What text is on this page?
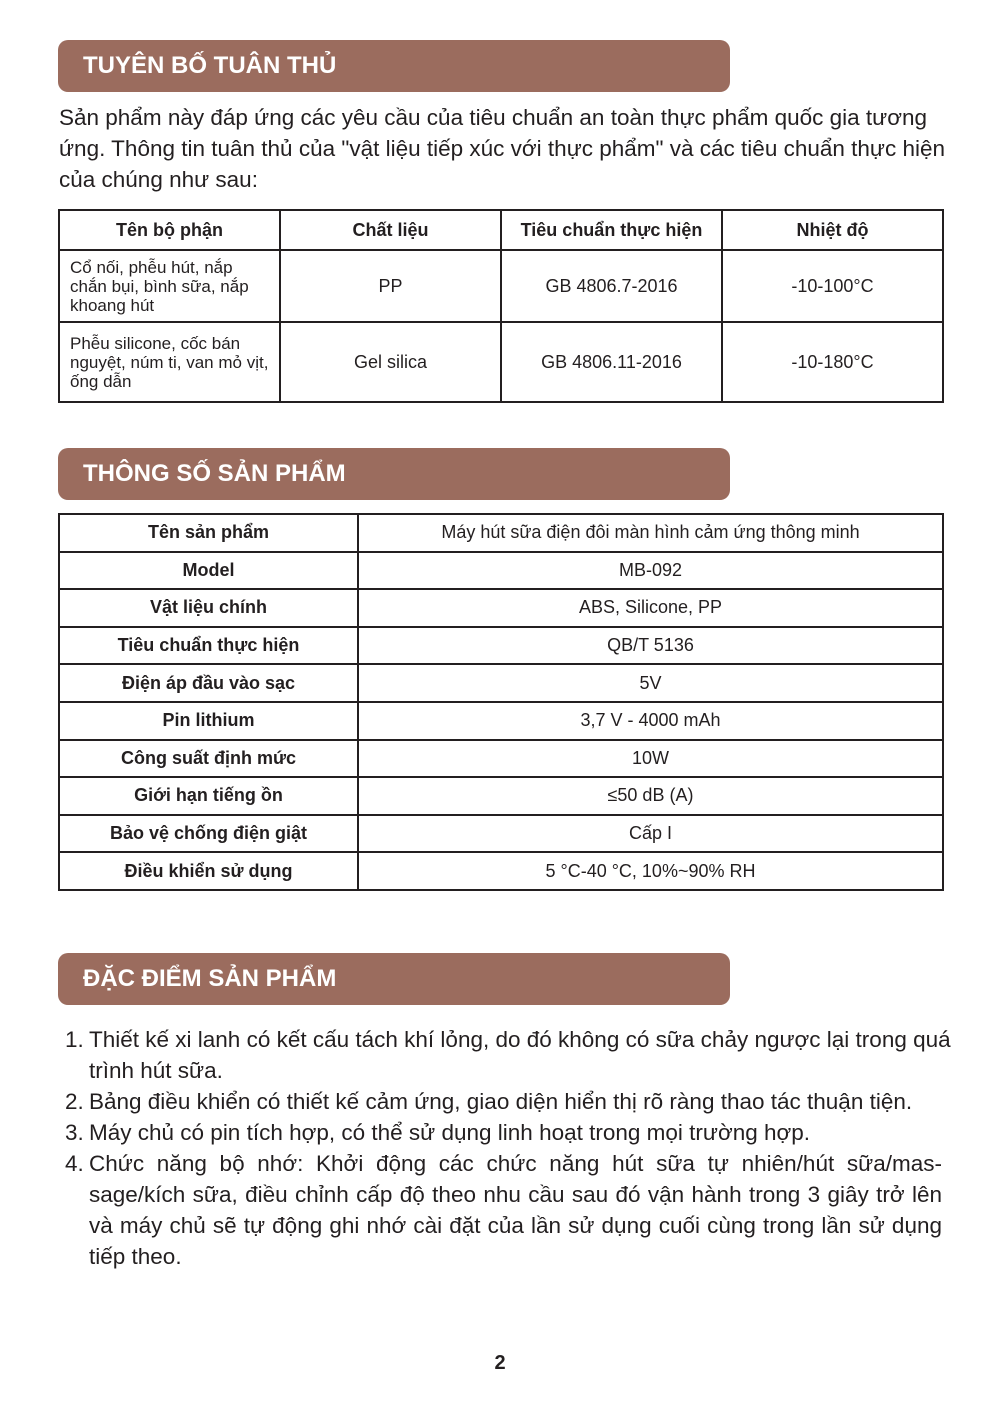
TUYÊN BỐ TUÂN THỦ

Sản phẩm này đáp ứng các yêu cầu của tiêu chuẩn an toàn thực phẩm quốc gia tương ứng. Thông tin tuân thủ của "vật liệu tiếp xúc với thực phẩm" và các tiêu chuẩn thực hiện của chúng như sau:

Tên bộ phận	Chất liệu	Tiêu chuẩn thực hiện	Nhiệt độ
Cổ nối, phễu hút, nắp chắn bụi, bình sữa, nắp khoang hút	PP	GB 4806.7-2016	-10-100°C
Phễu silicone, cốc bán nguyệt, núm ti, van mỏ vịt, ống dẫn	Gel silica	GB 4806.11-2016	-10-180°C
THÔNG SỐ SẢN PHẨM
Tên sản phẩm	Máy hút sữa điện đôi màn hình cảm ứng thông minh
Model	MB-092
Vật liệu chính	ABS, Silicone, PP
Tiêu chuẩn thực hiện	QB/T 5136
Điện áp đầu vào sạc	5V
Pin lithium	3,7 V - 4000 mAh
Công suất định mức	10W
Giới hạn tiếng ồn	≤50 dB (A)
Bảo vệ chống điện giật	Cấp I
Điều khiển sử dụng	5 °C-40 °C, 10%~90% RH
ĐẶC ĐIỂM SẢN PHẨM
1. Thiết kế xi lanh có kết cấu tách khí lỏng, do đó không có sữa chảy ngược lại trong quá trình hút sữa.
2. Bảng điều khiển có thiết kế cảm ứng, giao diện hiển thị rõ ràng thao tác thuận tiện.
3. Máy chủ có pin tích hợp, có thể sử dụng linh hoạt trong mọi trường hợp.
4. Chức năng bộ nhớ: Khởi động các chức năng hút sữa tự nhiên/hút sữa/mas-sage/kích sữa, điều chỉnh cấp độ theo nhu cầu sau đó vận hành trong 3 giây trở lên và máy chủ sẽ tự động ghi nhớ cài đặt của lần sử dụng cuối cùng trong lần sử dụng tiếp theo.
2
